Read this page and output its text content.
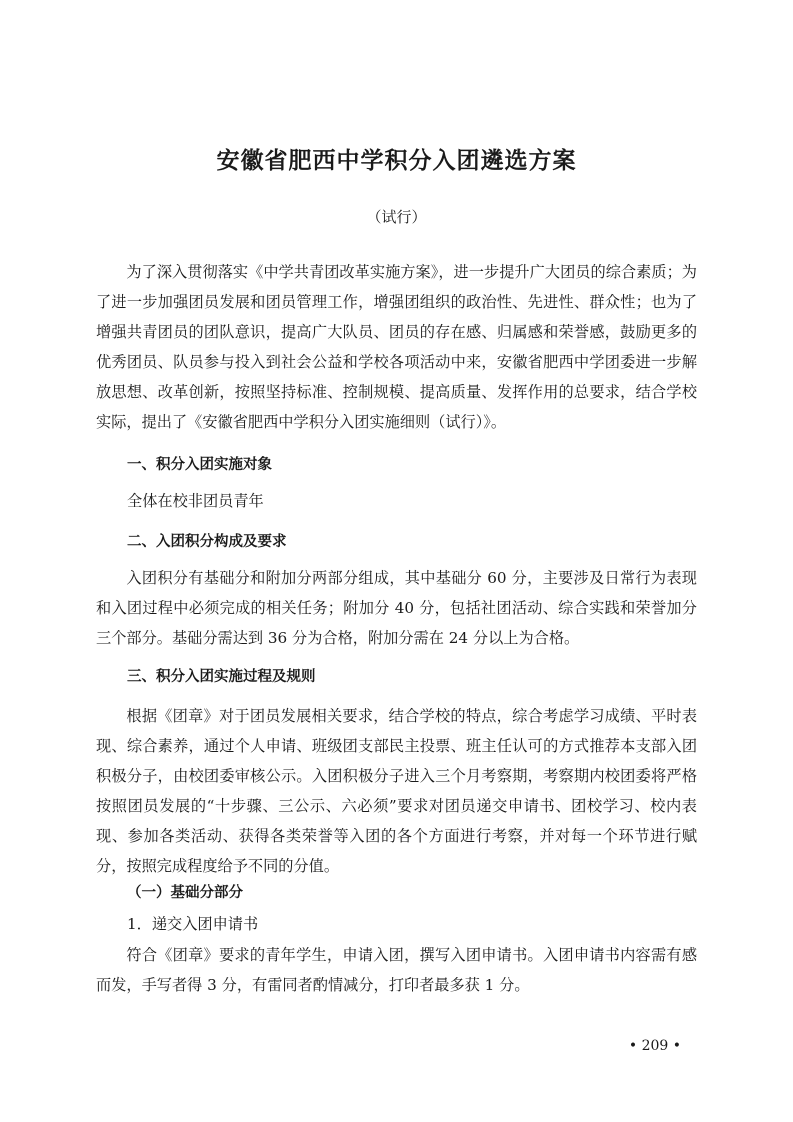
安徽省肥西中学积分入团遴选方案

（试行）

为了深入贯彻落实《中学共青团改革实施方案》，进一步提升广大团员的综合素质；为了进一步加强团员发展和团员管理工作，增强团组织的政治性、先进性、群众性；也为了增强共青团员的团队意识，提高广大队员、团员的存在感、归属感和荣誉感，鼓励更多的优秀团员、队员参与投入到社会公益和学校各项活动中来，安徽省肥西中学团委进一步解放思想、改革创新，按照坚持标准、控制规模、提高质量、发挥作用的总要求，结合学校实际，提出了《安徽省肥西中学积分入团实施细则（试行）》。

一、积分入团实施对象

全体在校非团员青年

二、入团积分构成及要求

入团积分有基础分和附加分两部分组成，其中基础分 60 分，主要涉及日常行为表现和入团过程中必须完成的相关任务；附加分 40 分，包括社团活动、综合实践和荣誉加分三个部分。基础分需达到 36 分为合格，附加分需在 24 分以上为合格。

三、积分入团实施过程及规则

根据《团章》对于团员发展相关要求，结合学校的特点，综合考虑学习成绩、平时表现、综合素养，通过个人申请、班级团支部民主投票、班主任认可的方式推荐本支部入团积极分子，由校团委审核公示。入团积极分子进入三个月考察期，考察期内校团委将严格按照团员发展的“十步骤、三公示、六必须”要求对团员递交申请书、团校学习、校内表现、参加各类活动、获得各类荣誉等入团的各个方面进行考察，并对每一个环节进行赋分，按照完成程度给予不同的分值。

（一）基础分部分

1．递交入团申请书

符合《团章》要求的青年学生，申请入团，撰写入团申请书。入团申请书内容需有感而发，手写者得 3 分，有雷同者酌情减分，打印者最多获 1 分。

• 209 •
